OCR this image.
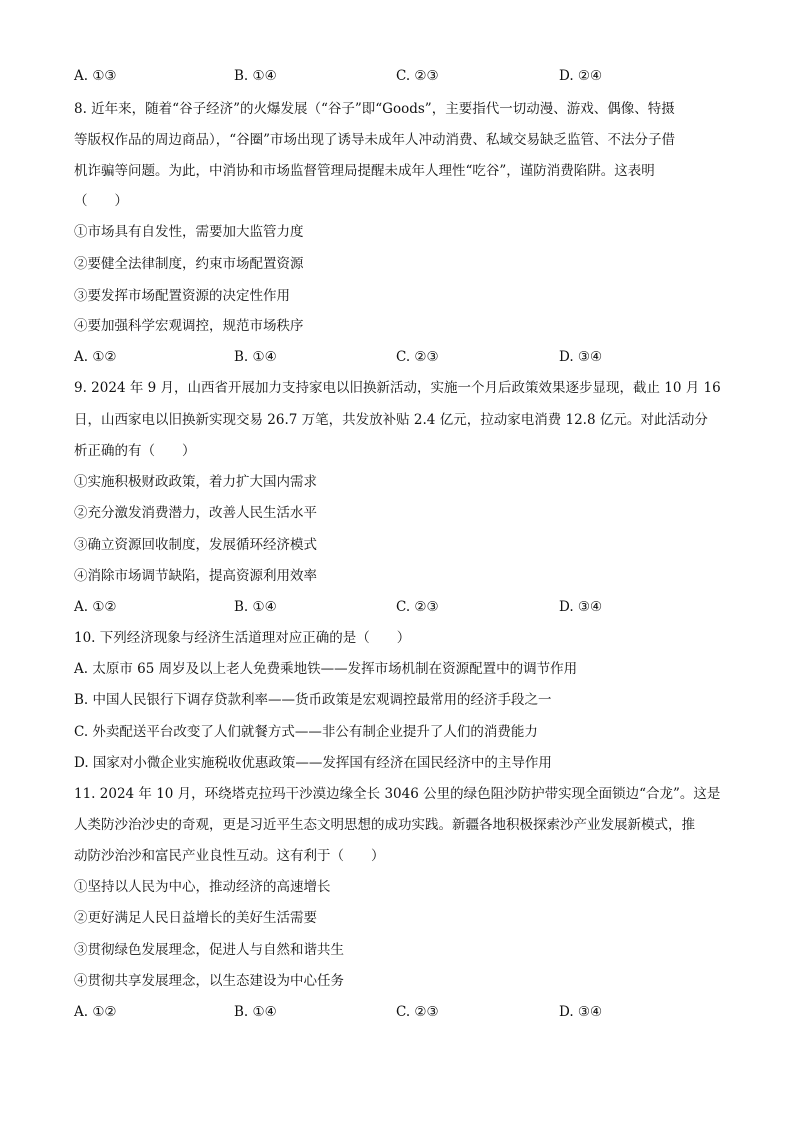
A. ①③	B. ①④	C. ②③	D. ②④
8. 近年来，随着“谷子经济”的火爆发展（“谷子”即“Goods”，主要指代一切动漫、游戏、偶像、特摄
等版权作品的周边商品），“谷圈”市场出现了诱导未成年人冲动消费、私域交易缺乏监管、不法分子借
机诈骗等问题。为此，中消协和市场监督管理局提醒未成年人理性“吃谷”，谨防消费陷阱。这表明
（　　）
①市场具有自发性，需要加大监管力度
②要健全法律制度，约束市场配置资源
③要发挥市场配置资源的决定性作用
④要加强科学宏观调控，规范市场秩序
A. ①②	B. ①④	C. ②③	D. ③④
9. 2024 年 9 月，山西省开展加力支持家电以旧换新活动，实施一个月后政策效果逐步显现，截止 10 月 16
日，山西家电以旧换新实现交易 26.7 万笔，共发放补贴 2.4 亿元，拉动家电消费 12.8 亿元。对此活动分
析正确的有（　　）
①实施积极财政政策，着力扩大国内需求
②充分激发消费潜力，改善人民生活水平
③确立资源回收制度，发展循环经济模式
④消除市场调节缺陷，提高资源利用效率
A. ①②	B. ①④	C. ②③	D. ③④
10. 下列经济现象与经济生活道理对应正确的是（　　）
A. 太原市 65 周岁及以上老人免费乘地铁——发挥市场机制在资源配置中的调节作用
B. 中国人民银行下调存贷款利率——货币政策是宏观调控最常用的经济手段之一
C. 外卖配送平台改变了人们就餐方式——非公有制企业提升了人们的消费能力
D. 国家对小微企业实施税收优惠政策——发挥国有经济在国民经济中的主导作用
11. 2024 年 10 月，环绕塔克拉玛干沙漠边缘全长 3046 公里的绿色阻沙防护带实现全面锁边“合龙”。这是
人类防沙治沙史的奇观，更是习近平生态文明思想的成功实践。新疆各地积极探索沙产业发展新模式，推
动防沙治沙和富民产业良性互动。这有利于（　　）
①坚持以人民为中心，推动经济的高速增长
②更好满足人民日益增长的美好生活需要
③贯彻绿色发展理念，促进人与自然和谐共生
④贯彻共享发展理念，以生态建设为中心任务
A. ①②	B. ①④	C. ②③	D. ③④
